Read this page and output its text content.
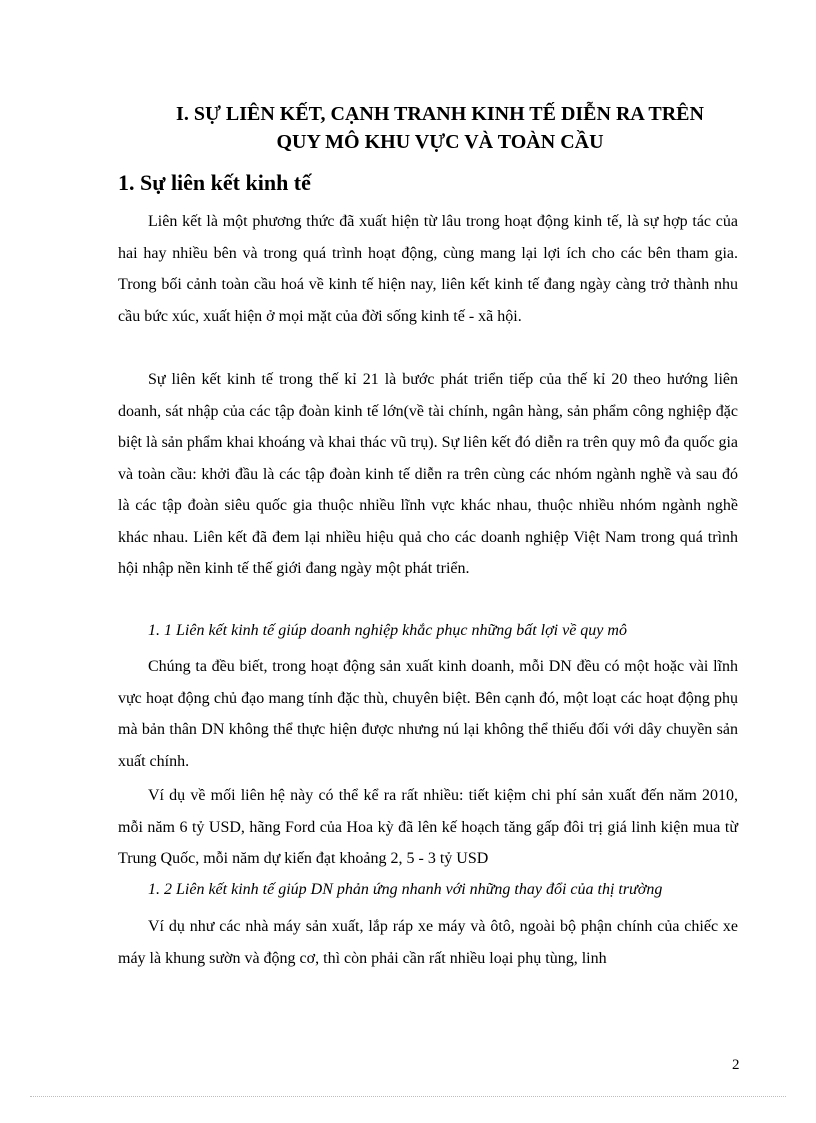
I. SỰ LIÊN KẾT, CẠNH TRANH KINH TẾ DIỄN RA TRÊN
QUY MÔ KHU VỰC VÀ TOÀN CẦU
1. Sự liên kết kinh tế

Liên kết là một phương thức đã xuất hiện từ lâu trong hoạt động kinh tế, là sự hợp tác của hai hay nhiều bên và trong quá trình hoạt động, cùng mang lại lợi ích cho các bên tham gia. Trong bối cảnh toàn cầu hoá về kinh tế hiện nay, liên kết kinh tế đang ngày càng trở thành nhu cầu bức xúc, xuất hiện ở mọi mặt của đời sống kinh tế - xã hội.

Sự liên kết kinh tế trong thế kỉ 21 là bước phát triển tiếp của thế kỉ 20 theo hướng liên doanh, sát nhập của các tập đoàn kinh tế lớn(về tài chính, ngân hàng, sản phẩm công nghiệp đặc biệt là sản phẩm khai khoáng và khai thác vũ trụ). Sự liên kết đó diễn ra trên quy mô đa quốc gia và toàn cầu: khởi đầu là các tập đoàn kinh tế diễn ra trên cùng các nhóm ngành nghề và sau đó là các tập đoàn siêu quốc gia thuộc nhiều lĩnh vực khác nhau, thuộc nhiều nhóm ngành nghề khác nhau. Liên kết đã đem lại nhiều hiệu quả cho các doanh nghiệp Việt Nam trong quá trình hội nhập nền kinh tế thế giới đang ngày một phát triển.

1. 1 Liên kết kinh tế giúp doanh nghiệp khắc phục những bất lợi về quy mô

Chúng ta đều biết, trong hoạt động sản xuất kinh doanh, mỗi DN đều có một hoặc vài lĩnh vực hoạt động chủ đạo mang tính đặc thù, chuyên biệt. Bên cạnh đó, một loạt các hoạt động phụ mà bản thân DN không thể thực hiện được nhưng nú lại không thể thiếu đối với dây chuyền sản xuất chính.

Ví dụ về mối liên hệ này có thể kể ra rất nhiều: tiết kiệm chi phí sản xuất đến năm 2010, mỗi năm 6 tỷ USD, hãng Ford của Hoa kỳ đã lên kế hoạch tăng gấp đôi trị giá linh kiện mua từ Trung Quốc, mỗi năm dự kiến đạt khoảng 2, 5 - 3 tỷ USD

1. 2 Liên kết kinh tế giúp DN phản ứng nhanh với những thay đổi của thị trường

Ví dụ như các nhà máy sản xuất, lắp ráp xe máy và ôtô, ngoài bộ phận chính của chiếc xe máy là khung sườn và động cơ, thì còn phải cần rất nhiều loại phụ tùng, linh

2
